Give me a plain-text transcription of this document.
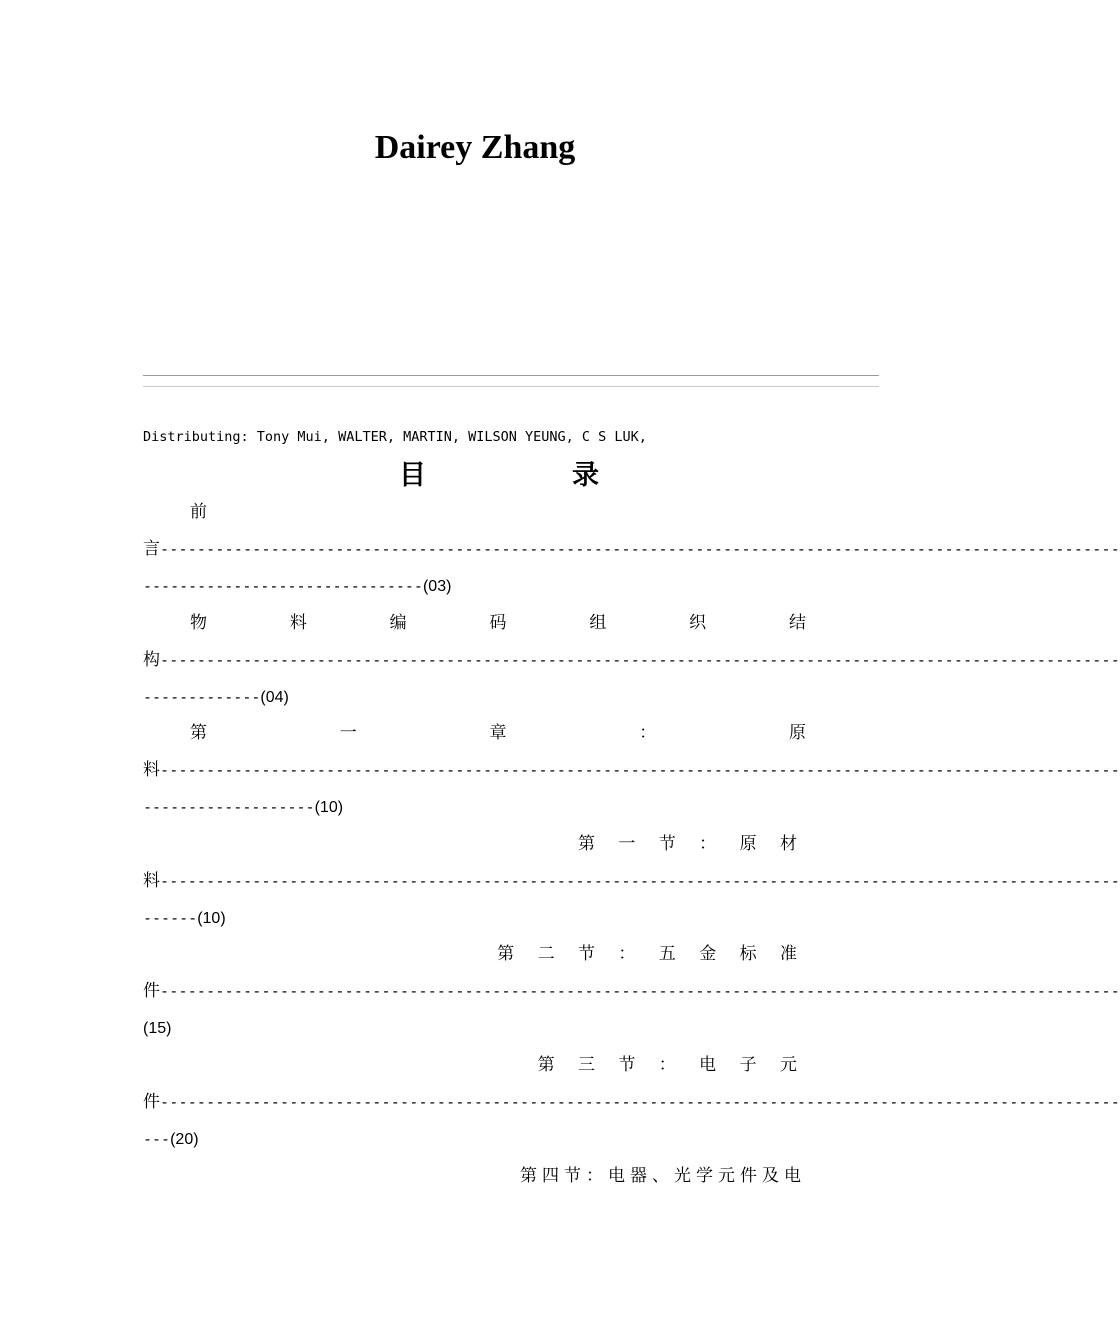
Dairey Zhang
Distributing: Tony Mui, WALTER, MARTIN, WILSON YEUNG, C S LUK,
目	录
前
言 --------------------------------------------------------------------------------------------------------
-------------------------------(03)
物	料	编	码	组	织	结
构 --------------------------------------------------------------------------------------------------------
-------------(04)
第	一	章	：	原
料 --------------------------------------------------------------------------------------------------------
-------------------(10)
第 一 节 ： 原 材
料 --------------------------------------------------------------------------------------------------------
------(10)
第 二 节 ： 五 金 标 准
件 --------------------------------------------------------------------------------------------------------
(15)
第 三 节 ： 电 子 元
件 --------------------------------------------------------------------------------------------------------
---(20)
第四节：电器、光学元件及电
